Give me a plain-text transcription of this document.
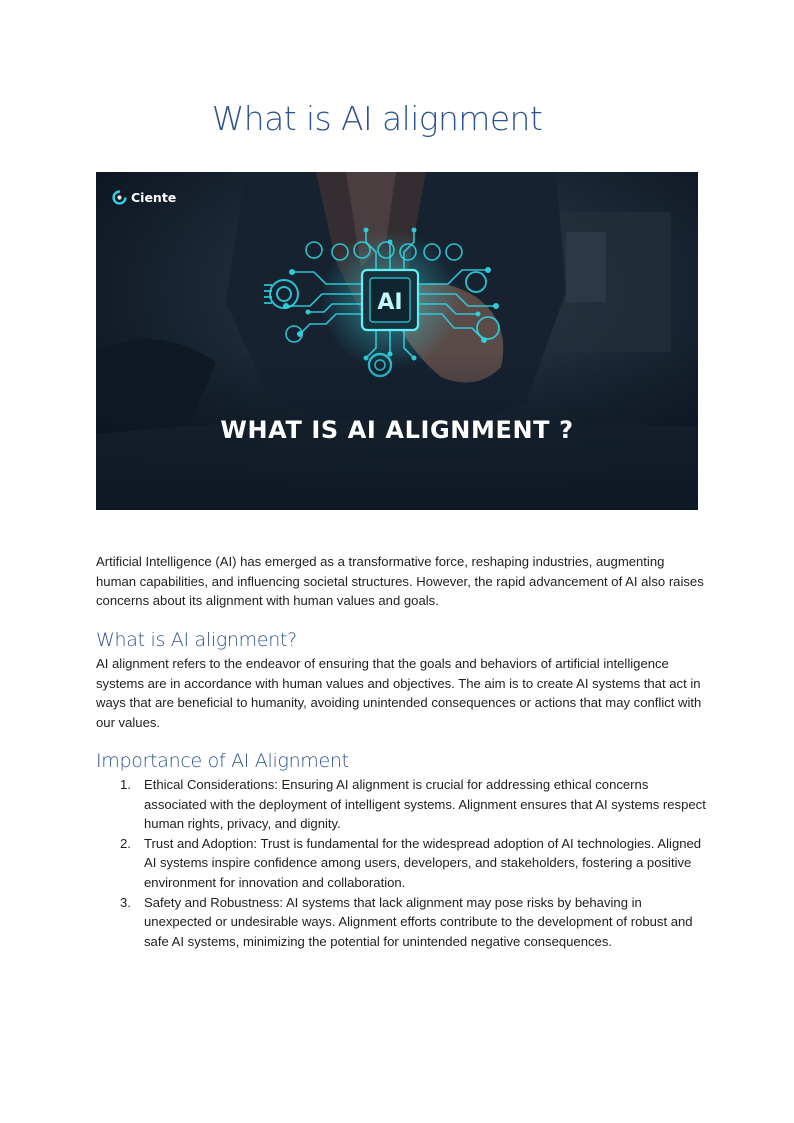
What is AI alignment
AI
Ciente
WHAT IS AI ALIGNMENT ?

Artificial Intelligence (AI) has emerged as a transformative force, reshaping industries, augmenting human capabilities, and influencing societal structures. However, the rapid advancement of AI also raises concerns about its alignment with human values and goals.

What is AI alignment?

AI alignment refers to the endeavor of ensuring that the goals and behaviors of artificial intelligence systems are in accordance with human values and objectives. The aim is to create AI systems that act in ways that are beneficial to humanity, avoiding unintended consequences or actions that may conflict with our values.

Importance of AI Alignment
1. Ethical Considerations: Ensuring AI alignment is crucial for addressing ethical concerns associated with the deployment of intelligent systems. Alignment ensures that AI systems respect human rights, privacy, and dignity.
2. Trust and Adoption: Trust is fundamental for the widespread adoption of AI technologies. Aligned AI systems inspire confidence among users, developers, and stakeholders, fostering a positive environment for innovation and collaboration.
3. Safety and Robustness: AI systems that lack alignment may pose risks by behaving in unexpected or undesirable ways. Alignment efforts contribute to the development of robust and safe AI systems, minimizing the potential for unintended negative consequences.
